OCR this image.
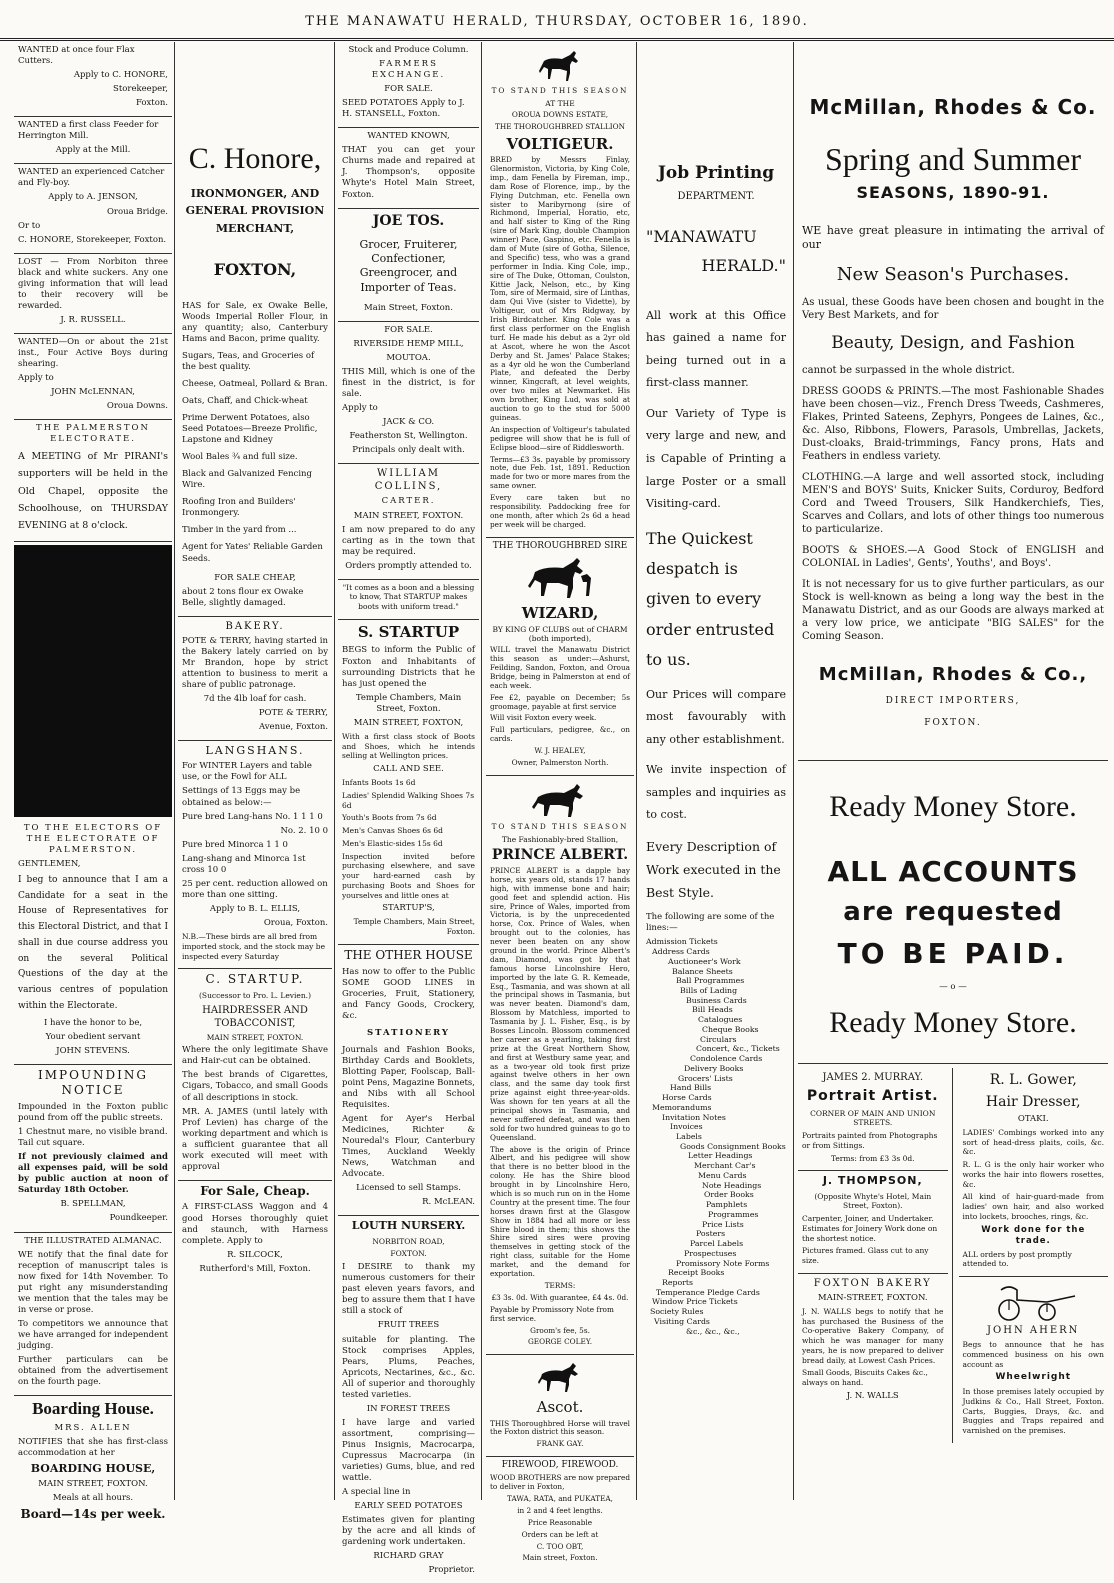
THE MANAWATU HERALD, THURSDAY, OCTOBER 16, 1890.

WANTED at once four Flax Cutters.

Apply to C. HONORE,

Storekeeper,

Foxton.

WANTED a first class Feeder for Herrington Mill.

Apply at the Mill.

WANTED an experienced Catcher and Fly-boy.

Apply to A. JENSON,

Oroua Bridge.

Or to

C. HONORE, Storekeeper, Foxton.

LOST — From Norbiton three black and white suckers. Any one giving information that will lead to their recovery will be rewarded.

J. R. RUSSELL.

WANTED—On or about the 21st inst., Four Active Boys during shearing.

Apply to

JOHN McLENNAN,

Oroua Downs.

THE PALMERSTON ELECTORATE.

A MEETING of Mr PIRANI's supporters will be held in the Old Chapel, opposite the Schoolhouse, on THURSDAY EVENING at 8 o'clock.

TO THE ELECTORS OF THE ELECTORATE OF PALMERSTON.

GENTLEMEN,

I beg to announce that I am a Candidate for a seat in the House of Representatives for this Electoral District, and that I shall in due course address you on the several Political Questions of the day at the various centres of population within the Electorate.

I have the honor to be,

Your obedient servant

JOHN STEVENS.

IMPOUNDING NOTICE

Impounded in the Foxton public pound from off the public streets.

1 Chestnut mare, no visible brand. Tail cut square.

If not previously claimed and all expenses paid, will be sold by public auction at noon of Saturday 18th October.

B. SPELLMAN,

Poundkeeper.

THE ILLUSTRATED ALMANAC.

WE notify that the final date for reception of manuscript tales is now fixed for 14th November. To put right any misunderstanding we mention that the tales may be in verse or prose.

To competitors we announce that we have arranged for independent judging.

Further particulars can be obtained from the advertisement on the fourth page.

Boarding House.

MRS. ALLEN

NOTIFIES that she has first-class accommodation at her

BOARDING HOUSE,

MAIN STREET, FOXTON.

Meals at all hours.

Board—14s per week.

C. Honore,

IRONMONGER, AND

GENERAL PROVISION

MERCHANT,

FOXTON,

HAS for Sale, ex Owake Belle, Woods Imperial Roller Flour, in any quantity; also, Canterbury Hams and Bacon, prime quality.

Sugars, Teas, and Groceries of the best quality.

Cheese, Oatmeal, Pollard & Bran.

Oats, Chaff, and Chick-wheat

Prime Derwent Potatoes, also Seed Potatoes—Breeze Prolific, Lapstone and Kidney

Wool Bales ¾ and full size.

Black and Galvanized Fencing Wire.

Roofing Iron and Builders' Ironmongery.

Timber in the yard from ...

Agent for Yates' Reliable Garden Seeds.

FOR SALE CHEAP,

about 2 tons flour ex Owake Belle, slightly damaged.

BAKERY.

POTE & TERRY, having started in the Bakery lately carried on by Mr Brandon, hope by strict attention to business to merit a share of public patronage.

7d the 4lb loaf for cash.

POTE & TERRY,

Avenue, Foxton.

LANGSHANS.

For WINTER Layers and table use, or the Fowl for ALL

Settings of 13 Eggs may be obtained as below:—

Pure bred Lang-hans No. 1 1 1 0

No. 2. 10 0

Pure bred Minorca 1 1 0

Lang-shang and Minorca 1st cross 10 0

25 per cent. reduction allowed on more than one sitting.

Apply to B. L. ELLIS,

Oroua, Foxton.

N.B.—These birds are all bred from imported stock, and the stock may be inspected every Saturday

C. STARTUP.

(Successor to Pro. L. Levien.)

HAIRDRESSER AND TOBACCONIST,

MAIN STREET, FOXTON.

Where the only legitimate Shave and Hair-cut can be obtained.

The best brands of Cigarettes, Cigars, Tobacco, and small Goods of all descriptions in stock.

MR. A. JAMES (until lately with Prof Levien) has charge of the working department and which is a sufficient guarantee that all work executed will meet with approval

For Sale, Cheap.

A FIRST-CLASS Waggon and 4 good Horses thoroughly quiet and staunch, with Harness complete. Apply to

R. SILCOCK,

Rutherford's Mill, Foxton.

Stock and Produce Column.

FARMERS EXCHANGE.

FOR SALE.

SEED POTATOES Apply to J. H. STANSELL, Foxton.

WANTED KNOWN,

THAT you can get your Churns made and repaired at J. Thompson's, opposite Whyte's Hotel Main Street, Foxton.

JOE TOS.

Grocer, Fruiterer, Confectioner, Greengrocer, and Importer of Teas.

Main Street, Foxton.

FOR SALE.

RIVERSIDE HEMP MILL,

MOUTOA.

THIS Mill, which is one of the finest in the district, is for sale.

Apply to

JACK & CO.

Featherston St, Wellington.

Principals only dealt with.

WILLIAM COLLINS,

CARTER.

MAIN STREET, FOXTON.

I am now prepared to do any carting as in the town that may be required.

Orders promptly attended to.

"It comes as a boon and a blessing to know, That STARTUP makes boots with uniform tread."

S. STARTUP

BEGS to inform the Public of Foxton and Inhabitants of surrounding Districts that he has just opened the

Temple Chambers, Main Street, Foxton.

MAIN STREET, FOXTON,

With a first class stock of Boots and Shoes, which he intends selling at Wellington prices.

CALL AND SEE.

Infants Boots 1s 6d

Ladies' Splendid Walking Shoes 7s 6d

Youth's Boots from 7s 6d

Men's Canvas Shoes 6s 6d

Men's Elastic-sides 15s 6d

Inspection invited before purchasing elsewhere, and save your hard-earned cash by purchasing Boots and Shoes for yourselves and little ones at

STARTUP'S,

Temple Chambers, Main Street, Foxton.

THE OTHER HOUSE

Has now to offer to the Public SOME GOOD LINES in Groceries, Fruit, Stationery, and Fancy Goods, Crockery, &c.

STATIONERY

Journals and Fashion Books, Birthday Cards and Booklets, Blotting Paper, Foolscap, Ball-point Pens, Magazine Bonnets, and Nibs with all School Requisites.

Agent for Ayer's Herbal Medicines, Richter & Nouredal's Flour, Canterbury Times, Auckland Weekly News, Watchman and Advocate.

Licensed to sell Stamps.

R. McLEAN.

LOUTH NURSERY.

NORBITON ROAD,

FOXTON.

I DESIRE to thank my numerous customers for their past eleven years favors, and beg to assure them that I have still a stock of

FRUIT TREES

suitable for planting. The Stock comprises Apples, Pears, Plums, Peaches, Apricots, Nectarines, &c., &c. All of superior and thoroughly tested varieties.

IN FOREST TREES

I have large and varied assortment, comprising—Pinus Insignis, Macrocarpa, Cupressus Macrocarpa (in varieties) Gums, blue, and red wattle.

A special line in

EARLY SEED POTATOES

Estimates given for planting by the acre and all kinds of gardening work undertaken.

RICHARD GRAY

Proprietor.

TO STAND THIS SEASON

AT THE

OROUA DOWNS ESTATE,

THE THOROUGHBRED STALLION

VOLTIGEUR.

BRED by Messrs Finlay, Glenormiston, Victoria, by King Cole, imp., dam Fenella by Fireman, imp., dam Rose of Florence, imp., by the Flying Dutchman, etc. Fenella own sister to Maribyrnong (sire of Richmond, Imperial, Horatio, etc, and half sister to King of the Ring (sire of Mark King, double Champion winner) Pace, Gaspino, etc. Fenella is dam of Mute (sire of Gotha, Silence, and Specific) tess, who was a grand performer in India. King Cole, imp., sire of The Duke, Ottoman, Coulston, Kittie Jack, Nelson, etc., by King Tom, sire of Mermaid, sire of Linthas, dam Qui Vive (sister to Vidette), by Voltigeur, out of Mrs Ridgway, by Irish Birdcatcher. King Cole was a first class performer on the English turf. He made his debut as a 2yr old at Ascot, where he won the Ascot Derby and St. James' Palace Stakes; as a 4yr old he won the Cumberland Plate, and defeated the Derby winner, Kingcraft, at level weights, over two miles at Newmarket. His own brother, King Lud, was sold at auction to go to the stud for 5000 guineas.

An inspection of Voltigeur's tabulated pedigree will show that he is full of Eclipse blood—sire of Riddlesworth.

Terms—£3 3s. payable by promissory note, due Feb. 1st, 1891. Reduction made for two or more mares from the same owner.

Every care taken but no responsibility. Paddocking free for one month, after which 2s 6d a head per week will be charged.

THE THOROUGHBRED SIRE

WIZARD,

BY KING OF CLUBS out of CHARM (both imported),

WILL travel the Manawatu District this season as under:—Ashurst, Feilding, Sandon, Foxton, and Oroua Bridge, being in Palmerston at end of each week.

Fee £2, payable on December; 5s groomage, payable at first service

Will visit Foxton every week.

Full particulars, pedigree, &c., on cards.

W. J. HEALEY,

Owner, Palmerston North.

TO STAND THIS SEASON

The Fashionably-bred Stallion,

PRINCE ALBERT.

PRINCE ALBERT is a dapple bay horse, six years old, stands 17 hands high, with immense bone and hair; good feet and splendid action. His sire, Prince of Wales, imported from Victoria, is by the unprecedented horse, Cox. Prince of Wales, when brought out to the colonies, has never been beaten on any show ground in the world. Prince Albert's dam, Diamond, was got by that famous horse Lincolnshire Hero, imported by the late G. R. Kemeade, Esq., Tasmania, and was shown at all the principal shows in Tasmania, but was never beaten. Diamond's dam, Blossom by Matchless, imported to Tasmania by J. L. Fisher, Esq., is by Bosses Lincoln. Blossom commenced her career as a yearling, taking first prize at the Great Northern Show, and first at Westbury same year, and as a two-year old took first prize against twelve others in her own class, and the same day took first prize against eight three-year-olds. Was shown for ten years at all the principal shows in Tasmania, and never suffered defeat, and was then sold for two hundred guineas to go to Queensland.

The above is the origin of Prince Albert, and his pedigree will show that there is no better blood in the colony. He has the Shire blood brought in by Lincolnshire Hero, which is so much run on in the Home Country at the present time. The four horses drawn first at the Glasgow Show in 1884 had all more or less Shire blood in them; this shows the Shire sired sires were proving themselves in getting stock of the right class, suitable for the Home market, and the demand for exportation.

TERMS:

£3 3s. 0d. With guarantee, £4 4s. 0d.

Payable by Promissory Note from first service.

Groom's fee, 5s.

GEORGE COLEY.

Ascot.

THIS Thoroughbred Horse will travel the Foxton district this season.

FRANK GAY.

FIREWOOD, FIREWOOD.

WOOD BROTHERS are now prepared to deliver in Foxton,

TAWA, RATA, and PUKATEA,

in 2 and 4 feet lengths.

Price Reasonable

Orders can be left at

C. TOO OBT,

Main street, Foxton.

Job Printing

DEPARTMENT.

"MANAWATU

HERALD."

All work at this Office has gained a name for being turned out in a first-class manner.

Our Variety of Type is very large and new, and is Capable of Printing a large Poster or a small Visiting-card.

The Quickest despatch is given to every order entrusted to us.

Our Prices will compare most favourably with any other establishment.

We invite inspection of samples and inquiries as to cost.

Every Description of Work executed in the Best Style.

The following are some of the lines:—

Admission Tickets

Address Cards

Auctioneer's Work

Balance Sheets

Ball Programmes

Bills of Lading

Business Cards

Bill Heads

Catalogues

Cheque Books

Circulars

Concert, &c., Tickets

Condolence Cards

Delivery Books

Grocers' Lists

Hand Bills

Horse Cards

Memorandums

Invitation Notes

Invoices

Labels

Goods Consignment Books

Letter Headings

Merchant Car's

Menu Cards

Note Headings

Order Books

Pamphlets

Programmes

Price Lists

Posters

Parcel Labels

Prospectuses

Promissory Note Forms

Receipt Books

Reports

Temperance Pledge Cards

Window Price Tickets

Society Rules

Visiting Cards

&c., &c., &c.,

McMillan, Rhodes & Co.

Spring and Summer

SEASONS, 1890-91.

WE have great pleasure in intimating the arrival of our

New Season's Purchases.

As usual, these Goods have been chosen and bought in the Very Best Markets, and for

Beauty, Design, and Fashion

cannot be surpassed in the whole district.

DRESS GOODS & PRINTS.—The most Fashionable Shades have been chosen—viz., French Dress Tweeds, Cashmeres, Flakes, Printed Sateens, Zephyrs, Pongees de Laines, &c., &c. Also, Ribbons, Flowers, Parasols, Umbrellas, Jackets, Dust-cloaks, Braid-trimmings, Fancy prons, Hats and Feathers in endless variety.

CLOTHING.—A large and well assorted stock, including MEN'S and BOYS' Suits, Knicker Suits, Corduroy, Bedford Cord and Tweed Trousers, Silk Handkerchiefs, Ties, Scarves and Collars, and lots of other things too numerous to particularize.

BOOTS & SHOES.—A Good Stock of ENGLISH and COLONIAL in Ladies', Gents', Youths', and Boys'.

It is not necessary for us to give further particulars, as our Stock is well-known as being a long way the best in the Manawatu District, and as our Goods are always marked at a very low price, we anticipate "BIG SALES" for the Coming Season.

McMillan, Rhodes & Co.,

DIRECT IMPORTERS,

FOXTON.

Ready Money Store.

ALL ACCOUNTS

are requested

TO BE PAID.

— o —

Ready Money Store.

JAMES 2. MURRAY.

Portrait Artist.

CORNER OF MAIN AND UNION STREETS.

Portraits painted from Photographs or from Sittings.

Terms: from £3 3s 0d.

J. THOMPSON,

(Opposite Whyte's Hotel, Main Street, Foxton).

Carpenter, Joiner, and Undertaker. Estimates for Joinery Work done on the shortest notice.

Pictures framed. Glass cut to any size.

FOXTON BAKERY

MAIN-STREET, FOXTON.

J. N. WALLS begs to notify that he has purchased the Business of the Co-operative Bakery Company, of which he was manager for many years, he is now prepared to deliver bread daily, at Lowest Cash Prices.

Small Goods, Biscuits Cakes &c., always on hand.

J. N. WALLS

R. L. Gower,

Hair Dresser,

OTAKI.

LADIES' Combings worked into any sort of head-dress plaits, coils, &c. &c.

R. L. G is the only hair worker who works the hair into flowers rosettes, &c.

All kind of hair-guard-made from ladies' own hair, and also worked into lockets, brooches, rings, &c.

Work done for the trade.

ALL orders by post promptly attended to.

JOHN AHERN

Begs to announce that he has commenced business on his own account as

Wheelwright

In those premises lately occupied by Judkins & Co., Hall Street, Foxton. Carts, Buggies, Drays, &c. and Buggies and Traps repaired and varnished on the premises.
